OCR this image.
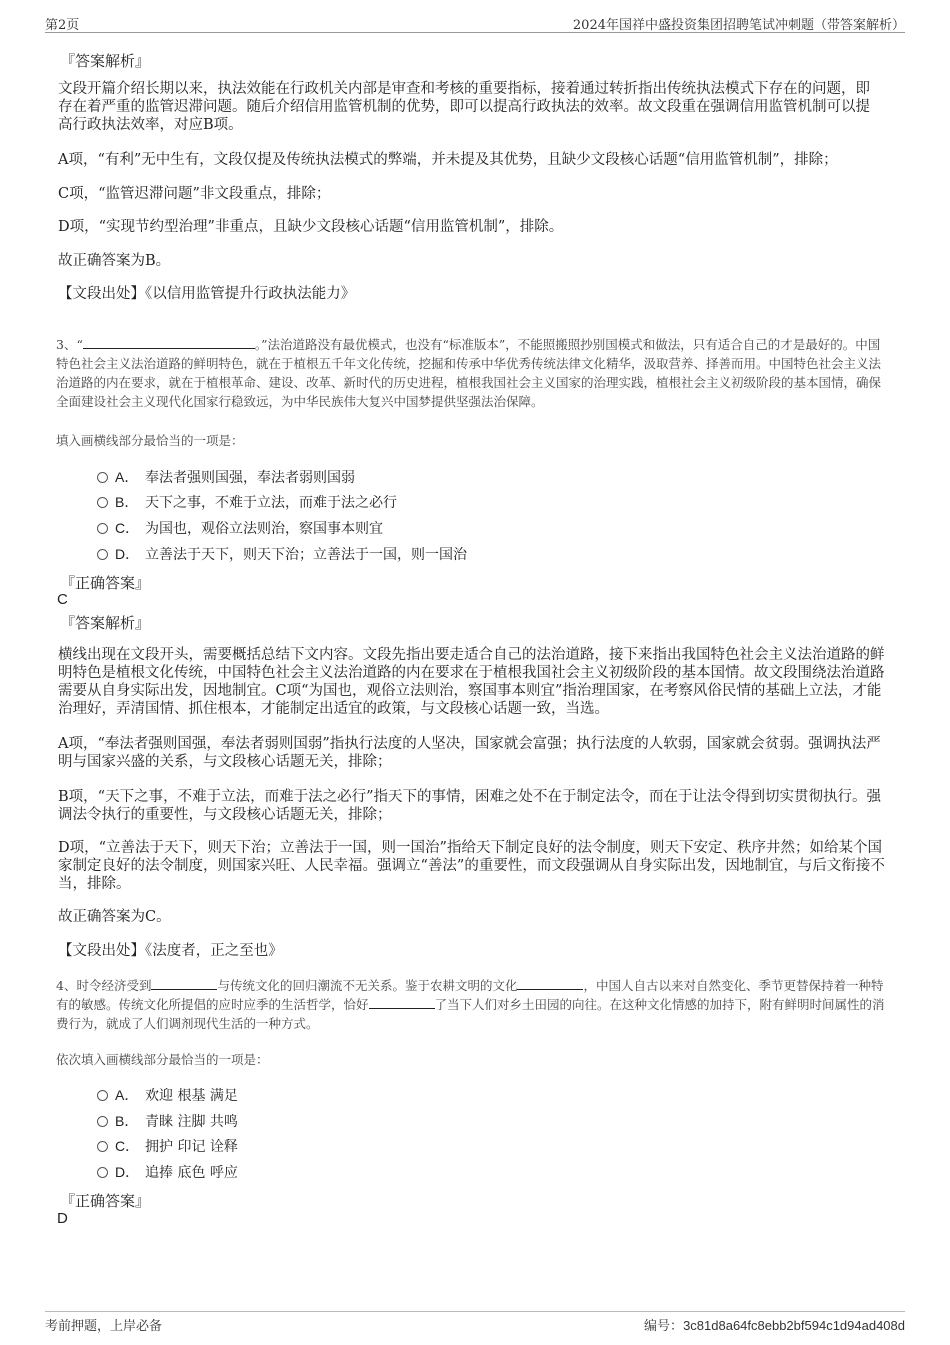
第2页	2024年国祥中盛投资集团招聘笔试冲刺题（带答案解析）
『答案解析』
文段开篇介绍长期以来，执法效能在行政机关内部是审查和考核的重要指标，接着通过转折指出传统执法模式下存在的问题，即存在着严重的监管迟滞问题。随后介绍信用监管机制的优势，即可以提高行政执法的效率。故文段重在强调信用监管机制可以提高行政执法效率，对应B项。
A项，“有利”无中生有，文段仅提及传统执法模式的弊端，并未提及其优势，且缺少文段核心话题“信用监管机制”，排除；
C项，“监管迟滞问题”非文段重点，排除；
D项，“实现节约型治理”非重点，且缺少文段核心话题“信用监管机制”，排除。
故正确答案为B。
【文段出处】《以信用监管提升行政执法能力》
3、“	。”法治道路没有最优模式，也没有“标准版本”，不能照搬照抄别国模式和做法，只有适合自己的才是最好的。中国特色社会主义法治道路的鲜明特色，就在于植根五千年文化传统，挖掘和传承中华优秀传统法律文化精华，汲取营养、择善而用。中国特色社会主义法治道路的内在要求，就在于植根革命、建设、改革、新时代的历史进程，植根我国社会主义国家的治理实践，植根社会主义初级阶段的基本国情，确保全面建设社会主义现代化国家行稳致远，为中华民族伟大复兴中国梦提供坚强法治保障。
填入画横线部分最恰当的一项是：
A． 奉法者强则国强，奉法者弱则国弱
B． 天下之事，不难于立法，而难于法之必行
C． 为国也，观俗立法则治，察国事本则宜
D． 立善法于天下，则天下治；立善法于一国，则一国治
『正确答案』
C
『答案解析』
横线出现在文段开头，需要概括总结下文内容。文段先指出要走适合自己的法治道路，接下来指出我国特色社会主义法治道路的鲜明特色是植根文化传统，中国特色社会主义法治道路的内在要求在于植根我国社会主义初级阶段的基本国情。故文段围绕法治道路需要从自身实际出发，因地制宜。C项“为国也，观俗立法则治，察国事本则宜”指治理国家，在考察风俗民情的基础上立法，才能治理好，弄清国情、抓住根本，才能制定出适宜的政策，与文段核心话题一致，当选。
A项，“奉法者强则国强，奉法者弱则国弱”指执行法度的人坚决，国家就会富强；执行法度的人软弱，国家就会贫弱。强调执法严明与国家兴盛的关系，与文段核心话题无关，排除；
B项，“天下之事，不难于立法，而难于法之必行”指天下的事情，困难之处不在于制定法令，而在于让法令得到切实贯彻执行。强调法令执行的重要性，与文段核心话题无关，排除；
D项，“立善法于天下，则天下治；立善法于一国，则一国治”指给天下制定良好的法令制度，则天下安定、秩序井然；如给某个国家制定良好的法令制度，则国家兴旺、人民幸福。强调立“善法”的重要性，而文段强调从自身实际出发，因地制宜，与后文衔接不当，排除。
故正确答案为C。
【文段出处】《法度者，正之至也》
4、时令经济受到	与传统文化的回归潮流不无关系。鉴于农耕文明的文化	，中国人自古以来对自然变化、季节更替保持着一种特有的敏感。传统文化所提倡的应时应季的生活哲学，恰好	了当下人们对乡土田园的向往。在这种文化情感的加持下，附有鲜明时间属性的消费行为，就成了人们调剂现代生活的一种方式。
依次填入画横线部分最恰当的一项是：
A． 欢迎 根基 满足
B． 青睐 注脚 共鸣
C． 拥护 印记 诠释
D． 追捧 底色 呼应
『正确答案』
D
考前押题，上岸必备	编号：3c81d8a64fc8ebb2bf594c1d94ad408d
